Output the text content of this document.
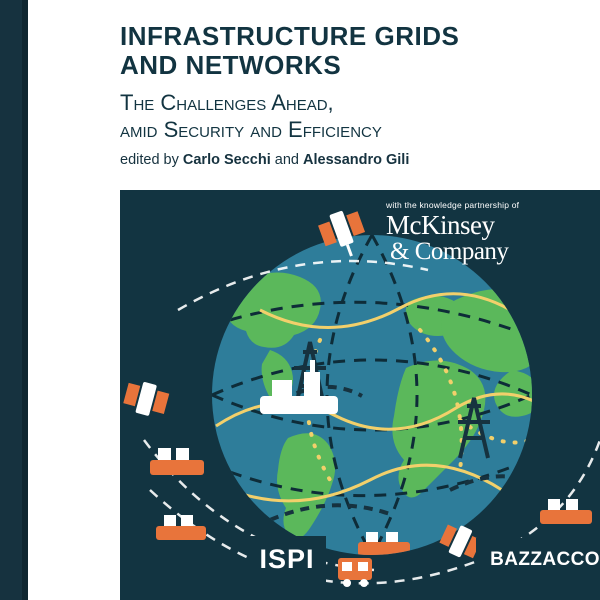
INFRASTRUCTURE GRIDS
AND NETWORKS
The Challenges Ahead,
amid Security and Efficiency
edited by Carlo Secchi and Alessandro Gili
with the knowledge partnership of
McKinsey
& Company
ISPI	BAZZACCO
